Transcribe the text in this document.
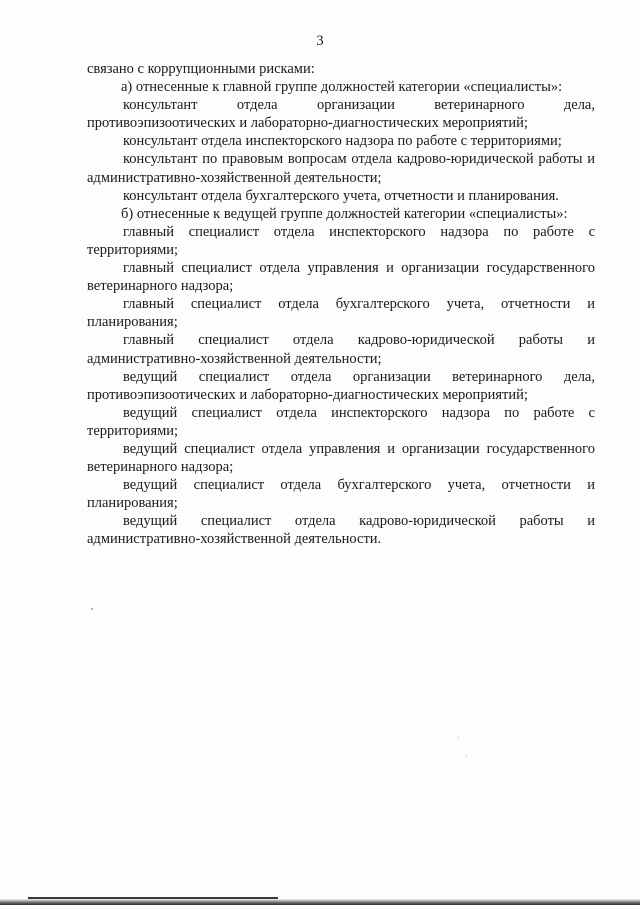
3

связано с коррупционными рисками:

а) отнесенные к главной группе должностей категории «специалисты»:

консультант отдела организации ветеринарного дела, противоэпизоотических и лабораторно-диагностических мероприятий;

консультант отдела инспекторского надзора по работе с территориями;

консультант по правовым вопросам отдела кадрово-юридической работы и административно-хозяйственной деятельности;

консультант отдела бухгалтерского учета, отчетности и планирования.

б) отнесенные к ведущей группе должностей категории «специалисты»:

главный специалист отдела инспекторского надзора по работе с территориями;

главный специалист отдела управления и организации государственного ветеринарного надзора;

главный специалист отдела бухгалтерского учета, отчетности и планирования;

главный специалист отдела кадрово-юридической работы и административно-хозяйственной деятельности;

ведущий специалист отдела организации ветеринарного дела, противоэпизоотических и лабораторно-диагностических мероприятий;

ведущий специалист отдела инспекторского надзора по работе с территориями;

ведущий специалист отдела управления и организации государственного ветеринарного надзора;

ведущий специалист отдела бухгалтерского учета, отчетности и планирования;

ведущий специалист отдела кадрово-юридической работы и административно-хозяйственной деятельности.
